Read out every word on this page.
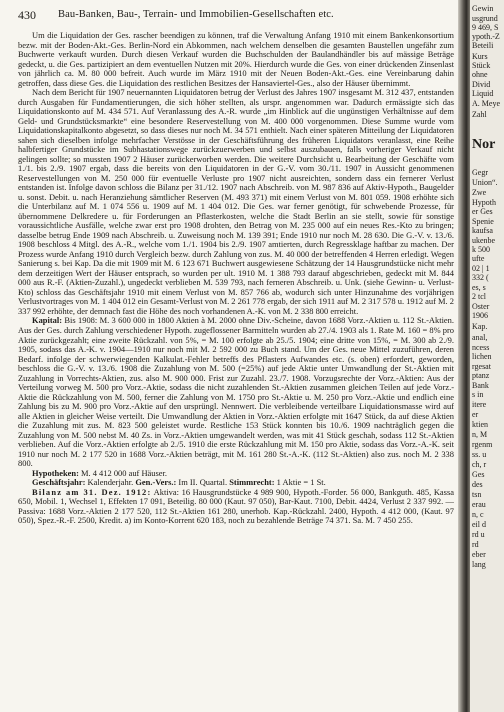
430 Bau-Banken, Bau-, Terrain- und Immobilien-Gesellschaften etc.

Um die Liquidation der Ges. rascher beendigen zu können, traf die Verwaltung Anfang 1910 mit einem Bankenkonsortium bezw. mit der Boden-Akt.-Ges. Berlin-Nord ein Abkommen, nach welchem denselben die gesamten Baustellen ungefähr zum Buchwerte verkauft wurden. Durch diesen Verkauf wurden die Buchschulden der Baulandhändler bis auf mässige Beträge gedeckt, u. die Ges. partizipiert an dem eventuellen Nutzen mit 20%. Hierdurch wurde die Ges. von einer drückenden Zinsenlast von jährlich ca. M. 80 000 befreit. Auch wurde im März 1910 mit der Neuen Boden-Akt.-Ges. eine Vereinbarung dahin getroffen, dass diese Ges. die Liquidation des restlichen Besitzes der Hansaviertel-Ges., also der Häuser übernimmt.

Nach dem Bericht für 1907 neuernannten Liquidatoren betrug der Verlust des Jahres 1907 insgesamt M. 312 437, entstanden durch Ausgaben für Fundamentierungen, die sich höher stellten, als urspr. angenommen war. Dadurch ermässigte sich das Liquidationskonto auf M. 434 571. Auf Veranlassung des A.-R. wurde „im Hinblick auf die ungünstigen Verhältnisse auf dem Geld- und Grundstücksmarkte“ eine besondere Reservestellung von M. 400 000 vorgenommen. Diese Summe wurde vom Liquidationskapitalkonto abgesetzt, so dass dieses nur noch M. 34 571 enthielt. Nach einer späteren Mitteilung der Liquidatoren sahen sich dieselben infolge mehrfacher Verstösse in der Geschäftsführung des früheren Liquidators veranlasst, eine Reihe halbfertiger Grundstücke im Subhastationswege zurückzuerwerben und selbst auszubauen, falls vorheriger Verkauf nicht gelingen sollte; so mussten 1907 2 Häuser zurückerworben werden. Die weitere Durchsicht u. Bearbeitung der Geschäfte vom 1./1. bis 2./9. 1907 ergab, dass die bereits von den Liquidatoren in der G.-V. vom 30./11. 1907 in Aussicht genommenen Reservestellungen von M. 250 000 für eventuelle Verluste pro 1907 nicht ausreichten, sondern dass ein fernerer Verlust entstanden ist. Infolge davon schloss die Bilanz per 31./12. 1907 nach Abschreib. von M. 987 836 auf Aktiv-Hypoth., Baugelder u. sonst. Debit. u. nach Heranziehung sämtlicher Reserven (M. 493 371) mit einem Verlust von M. 801 059. 1908 erhöhte sich die Unterbilanz auf M. 1 074 556 u. 1909 auf M. 1 404 012. Die Ges. war ferner genötigt, für schwebende Prozesse, für übernommene Delkredere u. für Forderungen an Pflasterkosten, welche die Stadt Berlin an sie stellt, sowie für sonstige voraussichtliche Ausfälle, welche zwar erst pro 1908 drohten, den Betrag von M. 235 000 auf ein neues Res.-Kto zu bringen; dasselbe betrug Ende 1909 nach Abschreib. u. Zuweisung noch M. 139 391; Ende 1910 nur noch M. 28 630. Die G.-V. v. 13./6. 1908 beschloss 4 Mitgl. des A.-R., welche vom 1./1. 1904 bis 2./9. 1907 amtierten, durch Regressklage haftbar zu machen. Der Prozess wurde Anfang 1910 durch Vergleich bezw. durch Zahlung von zus. M. 40 000 der betreffenden 4 Herren erledigt. Wegen Sanierung s. bei Kap. Da die mit 1909 mit M. 6 123 671 Buchwert ausgewiesene Schätzung der 14 Hausgrundstücke nicht mehr dem derzeitigen Wert der Häuser entsprach, so wurden per ult. 1910 M. 1 388 793 darauf abgeschrieben, gedeckt mit M. 844 000 aus R.-F. (Aktien-Zuzahl.), ungedeckt verblieben M. 539 793, nach ferneren Abschreib. u. Unk. (siehe Gewinn- u. Verlust-Kto) schloss das Geschäftsjahr 1910 mit einem Verlust von M. 857 766 ab, wodurch sich unter Hinzunahme des vorjährigen Verlustvortrages von M. 1 404 012 ein Gesamt-Verlust von M. 2 261 778 ergab, der sich 1911 auf M. 2 317 578 u. 1912 auf M. 2 337 992 erhöhte, der demnach fast die Höhe des noch vorhandenen A.-K. von M. 2 338 800 erreicht.

Kapital: Bis 1908: M. 3 600 000 in 1800 Aktien à M. 2000 ohne Div.-Scheine, davon 1688 Vorz.-Aktien u. 112 St.-Aktien. Aus der Ges. durch Zahlung verschiedener Hypoth. zugeflossener Barmitteln wurden ab 27./4. 1903 als 1. Rate M. 160 = 8% pro Aktie zurückgezahlt; eine zweite Rückzahl. von 5%, = M. 100 erfolgte ab 25./5. 1904; eine dritte von 15%, = M. 300 ab 2./9. 1905, sodass das A.-K. v. 1904—1910 nur noch mit M. 2 592 000 zu Buch stand. Um der Ges. neue Mittel zuzuführen, deren Bedarf. infolge der schwerwiegenden Kalkulat.-Fehler betreffs des Pflasters Aufwandes etc. (s. oben) erfordert, geworden, beschloss die G.-V. v. 13./6. 1908 die Zuzahlung von M. 500 (=25%) auf jede Aktie unter Umwandlung der St.-Aktien mit Zuzahlung in Vorrechts-Aktien, zus. also M. 900 000. Frist zur Zuzahl. 23./7. 1908. Vorzugsrechte der Vorz.-Aktien: Aus der Verteilung vorweg M. 500 pro Vorz.-Aktie, sodass die nicht zuzahlenden St.-Aktien zusammen gleichen Teilen auf jede Vorz.-Aktie die Rückzahlung von M. 500, ferner die Zahlung von M. 1750 pro St.-Aktie u. M. 250 pro Vorz.-Aktie und endlich eine Zahlung bis zu M. 900 pro Vorz.-Aktie auf den ursprüngl. Nennwert. Die verbleibende verteilbare Liquidationsmasse wird auf alle Aktien in gleicher Weise verteilt. Die Umwandlung der Aktien in Vorz.-Aktien erfolgte mit 1647 Stück, da auf diese Aktien die Zuzahlung mit zus. M. 823 500 geleistet wurde. Restliche 153 Stück konnten bis 10./6. 1909 nachträglich gegen die Zuzahlung von M. 500 nebst M. 40 Zs. in Vorz.-Aktien umgewandelt werden, was mit 41 Stück geschah, sodass 112 St.-Aktien verblieben. Auf die Vorz.-Aktien erfolgte ab 2./5. 1910 die erste Rückzahlung mit M. 150 pro Aktie, sodass das Vorz.-A.-K. seit 1910 nur noch M. 2 177 520 in 1688 Vorz.-Aktien beträgt, mit M. 161 280 St.-A.-K. (112 St.-Aktien) also zus. noch M. 2 338 800.

Hypotheken: M. 4 412 000 auf Häuser.

Geschäftsjahr: Kalenderjahr. Gen.-Vers.: Im II. Quartal. Stimmrecht: 1 Aktie = 1 St.

Bilanz am 31. Dez. 1912: Aktiva: 16 Hausgrundstücke 4 989 900, Hypoth.-Forder. 56 000, Bankguth. 485, Kassa 650, Mobil. 1, Wechsel 1, Effekten 17 091, Beteilig. 80 000 (Kaut. 97 050), Bar-Kaut. 7100, Debit. 4424, Verlust 2 337 992. — Passiva: 1688 Vorz.-Aktien 2 177 520, 112 St.-Aktien 161 280, unerhob. Kap.-Rückzahl. 2400, Hypoth. 4 412 000, (Kaut. 97 050), Spez.-R.-F. 2500, Kredit. a) im Konto-Korrent 620 183, noch zu bezahlende Beträge 74 371. Sa. M. 7 450 255.

Gewin
usgrund
9 469, S
ypoth.-Z
Beteili
Kurs
Stück
ohne
Divid
Liquid
A. Meye
Zahl
Nor
Gegr
Union“.
Zwe
Hypoth
er Ges
Spenie
kaufsa
ukenbe
k 500
ufte
02 | 1
332 (
es, s
2 tcl
Oster
1906
Kap.
anal,
ncess
lichen
rgesat
ptanz
Bank
s in
itere
er
ktien
n, M
rgenm
ss. u
ch, r
Ges
des
tsn
erau
n, c
eil d
rd u
rd
eber
lang
